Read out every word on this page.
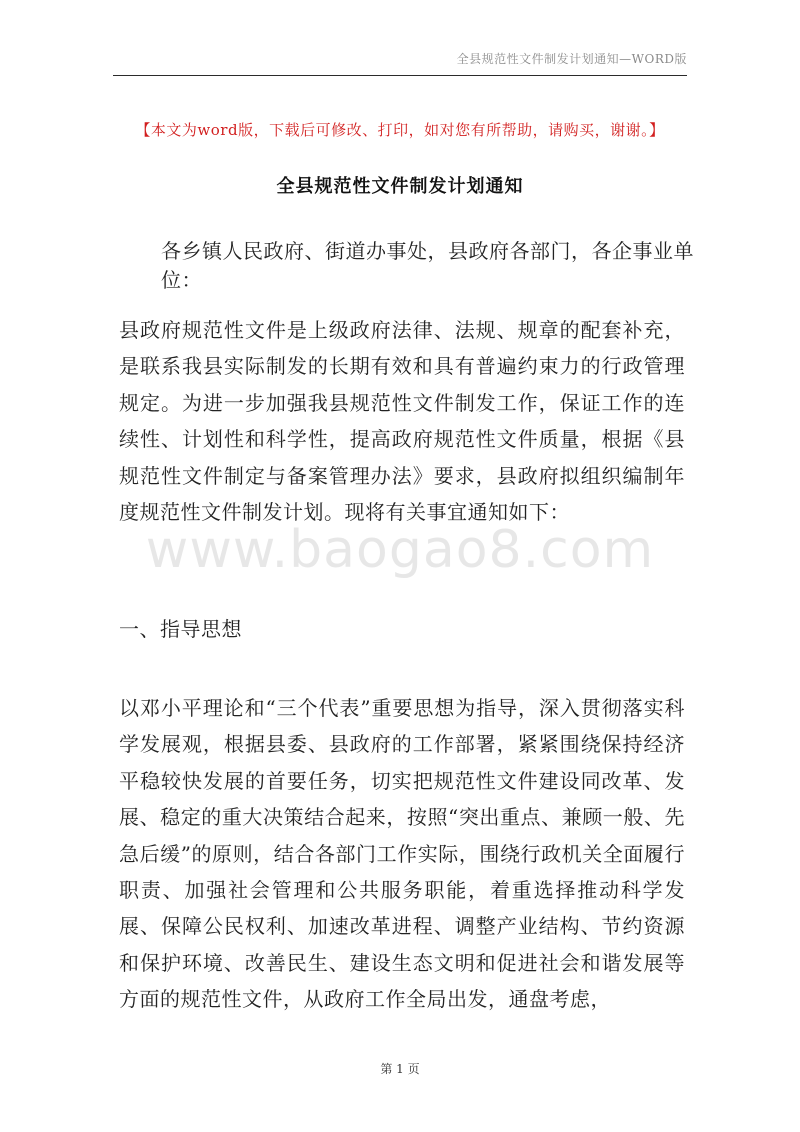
全县规范性文件制发计划通知—WORD版
【本文为word版，下载后可修改、打印，如对您有所帮助，请购买，谢谢。】
全县规范性文件制发计划通知
各乡镇人民政府、街道办事处，县政府各部门，各企事业单位：
县政府规范性文件是上级政府法律、法规、规章的配套补充，是联系我县实际制发的长期有效和具有普遍约束力的行政管理规定。为进一步加强我县规范性文件制发工作，保证工作的连续性、计划性和科学性，提高政府规范性文件质量，根据《县规范性文件制定与备案管理办法》要求，县政府拟组织编制年度规范性文件制发计划。现将有关事宜通知如下：
一、指导思想
以邓小平理论和“三个代表”重要思想为指导，深入贯彻落实科学发展观，根据县委、县政府的工作部署，紧紧围绕保持经济平稳较快发展的首要任务，切实把规范性文件建设同改革、发展、稳定的重大决策结合起来，按照“突出重点、兼顾一般、先急后缓”的原则，结合各部门工作实际，围绕行政机关全面履行职责、加强社会管理和公共服务职能，着重选择推动科学发展、保障公民权利、加速改革进程、调整产业结构、节约资源和保护环境、改善民生、建设生态文明和促进社会和谐发展等方面的规范性文件，从政府工作全局出发，通盘考虑，
www.baogao8.com
第 1 页
